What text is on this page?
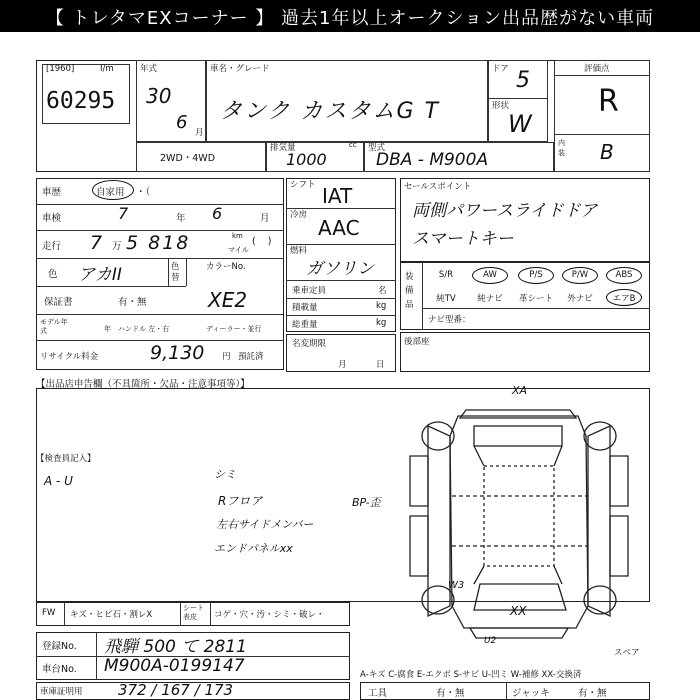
【 トレタマEXコーナー 】 過去1年以上オークション出品歴がない車両
[1960]	I/m
60295
年式
30
6 月
車名・グレード
タンク カスタムG T
ドア 5
形状
W
評価点
R
内装 B
2WD・4WD
排気量	cc
1000
型式
DBA - M900A
車歴	自家用 ・（
車検	7	年 6	月
走行 7 万 5 818	km
マイル
(    )
色 アカII	色替
カラーNo.
保証書	有・無	XE2
モデル年式	年 ハンドル 左・右	ディーラー・並行
リサイクル料金	9,130 円 預託済
シフト IAT
冷房
AAC
燃料
ガソリン
乗車定員	名
積載量	kg
総重量	kg
名変期限
月	日
セールスポイント
両側パワースライドドア
スマートキー
装備品
ナビ型番：
後部座
【出品店申告欄（不具箇所・欠品・注意事項等）】
【検査員記入】
A - U	シミ
Rフロア
左右サイドメンバー
エンドパネルxx
BP-歪
XA
W3
XX
U2
スペア
FW キズ・ヒビ石・割レX
シート表皮	コゲ・穴・汚・シミ・破レ・
登録No. 飛騨 500 て 2811
車台No. M900A-0199147	A-キズ C-腐食 E-エクボ S-サビ U-凹ミ W-補修 XX-交換済
車庫証明用 372 / 167 / 173	工具	有・無	ジャッキ	有・無
S/R	AW	P/S	P/W	ABS
純TV	純ナビ	革シート	外ナビ	エアB
